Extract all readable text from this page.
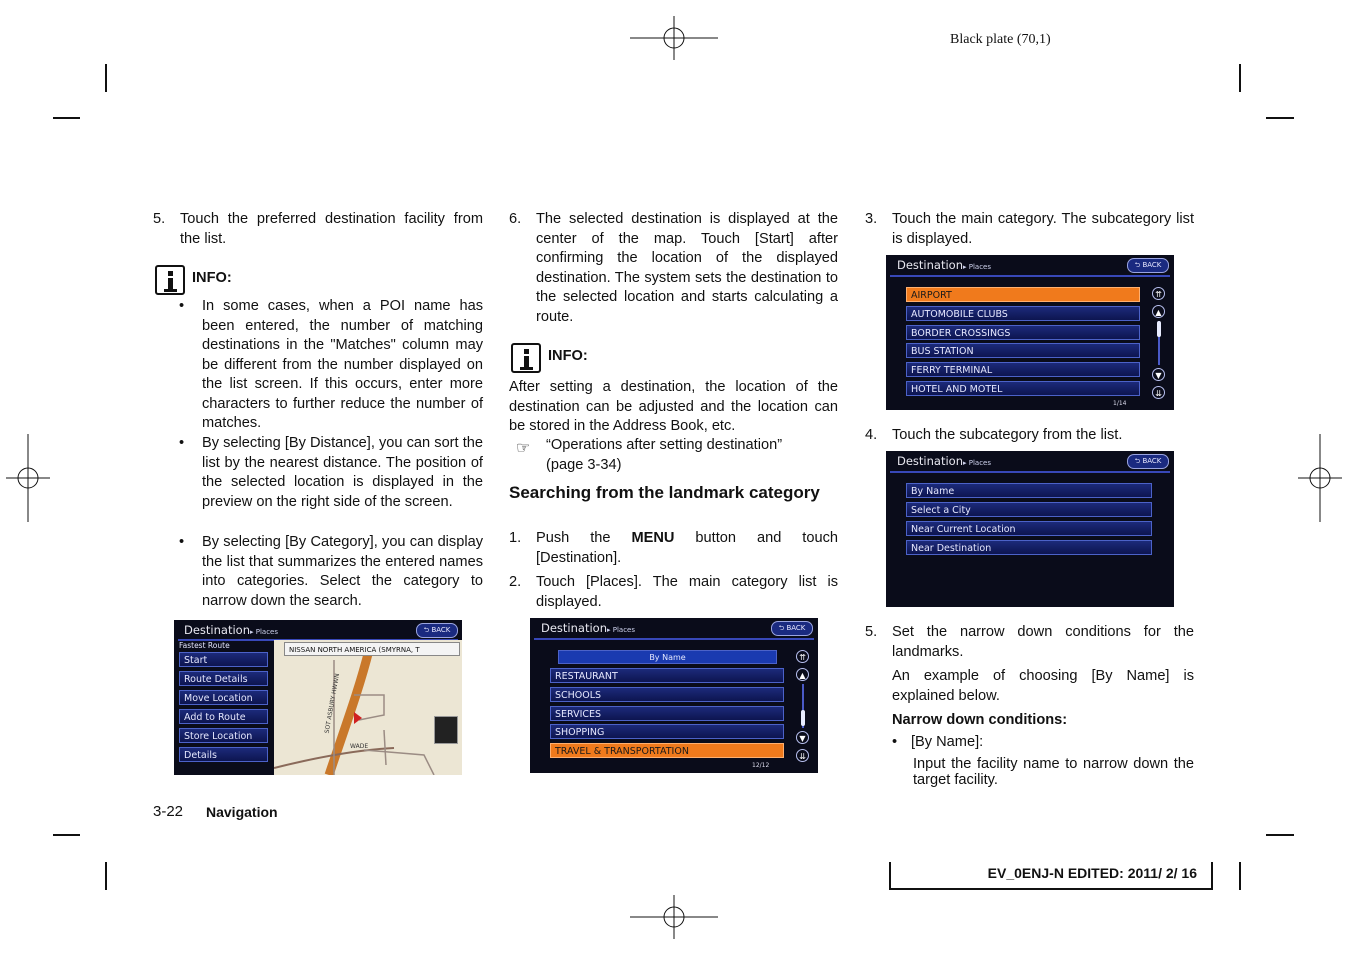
Black plate (70,1)
5. Touch the preferred destination facility from the list.
INFO:
• In some cases, when a POI name has been entered, the number of matching destinations in the "Matches" column may be different from the number displayed on the list screen. If this occurs, enter more characters to further reduce the number of matches.
• By selecting [By Distance], you can sort the list by the nearest distance. The position of the selected location is displayed in the preview on the right side of the screen.
• By selecting [By Category], you can display the list that summarizes the entered names into categories. Select the category to narrow down the search.
Destination▸ Places	⮌ BACK
Fastest Route
Start
Route Details
Move Location
Add to Route
Store Location
Details
NISSAN NORTH AMERICA (SMYRNA, T
SOT ASBURY HWWN
WADE
6. The selected destination is displayed at the center of the map. Touch [Start] after confirming the location of the displayed destination. The system sets the destination to the selected location and starts calculating a route.
INFO:
After setting a destination, the location of the destination can be adjusted and the location can be stored in the Address Book, etc.
☞ “Operations after setting destination” (page 3-34)
Searching from the landmark category
1. Push the MENU button and touch [Destination].
2. Touch [Places]. The main category list is displayed.
Destination▸ Places	⮌ BACK
By Name
RESTAURANT
SCHOOLS
SERVICES
SHOPPING
TRAVEL & TRANSPORTATION
⇈
▲
▼
⇊
12/12
3. Touch the main category. The subcategory list is displayed.
Destination▸ Places	⮌ BACK
AIRPORT
AUTOMOBILE CLUBS
BORDER CROSSINGS
BUS STATION
FERRY TERMINAL
HOTEL AND MOTEL
⇈
▲
▼
⇊
1/14
4. Touch the subcategory from the list.
Destination▸ Places	⮌ BACK
By Name
Select a City
Near Current Location
Near Destination
5. Set the narrow down conditions for the landmarks.
An example of choosing [By Name] is explained below.
Narrow down conditions:
• [By Name]:
Input the facility name to narrow down the target facility.
3-22 Navigation
EV_0ENJ-N EDITED: 2011/ 2/ 16
